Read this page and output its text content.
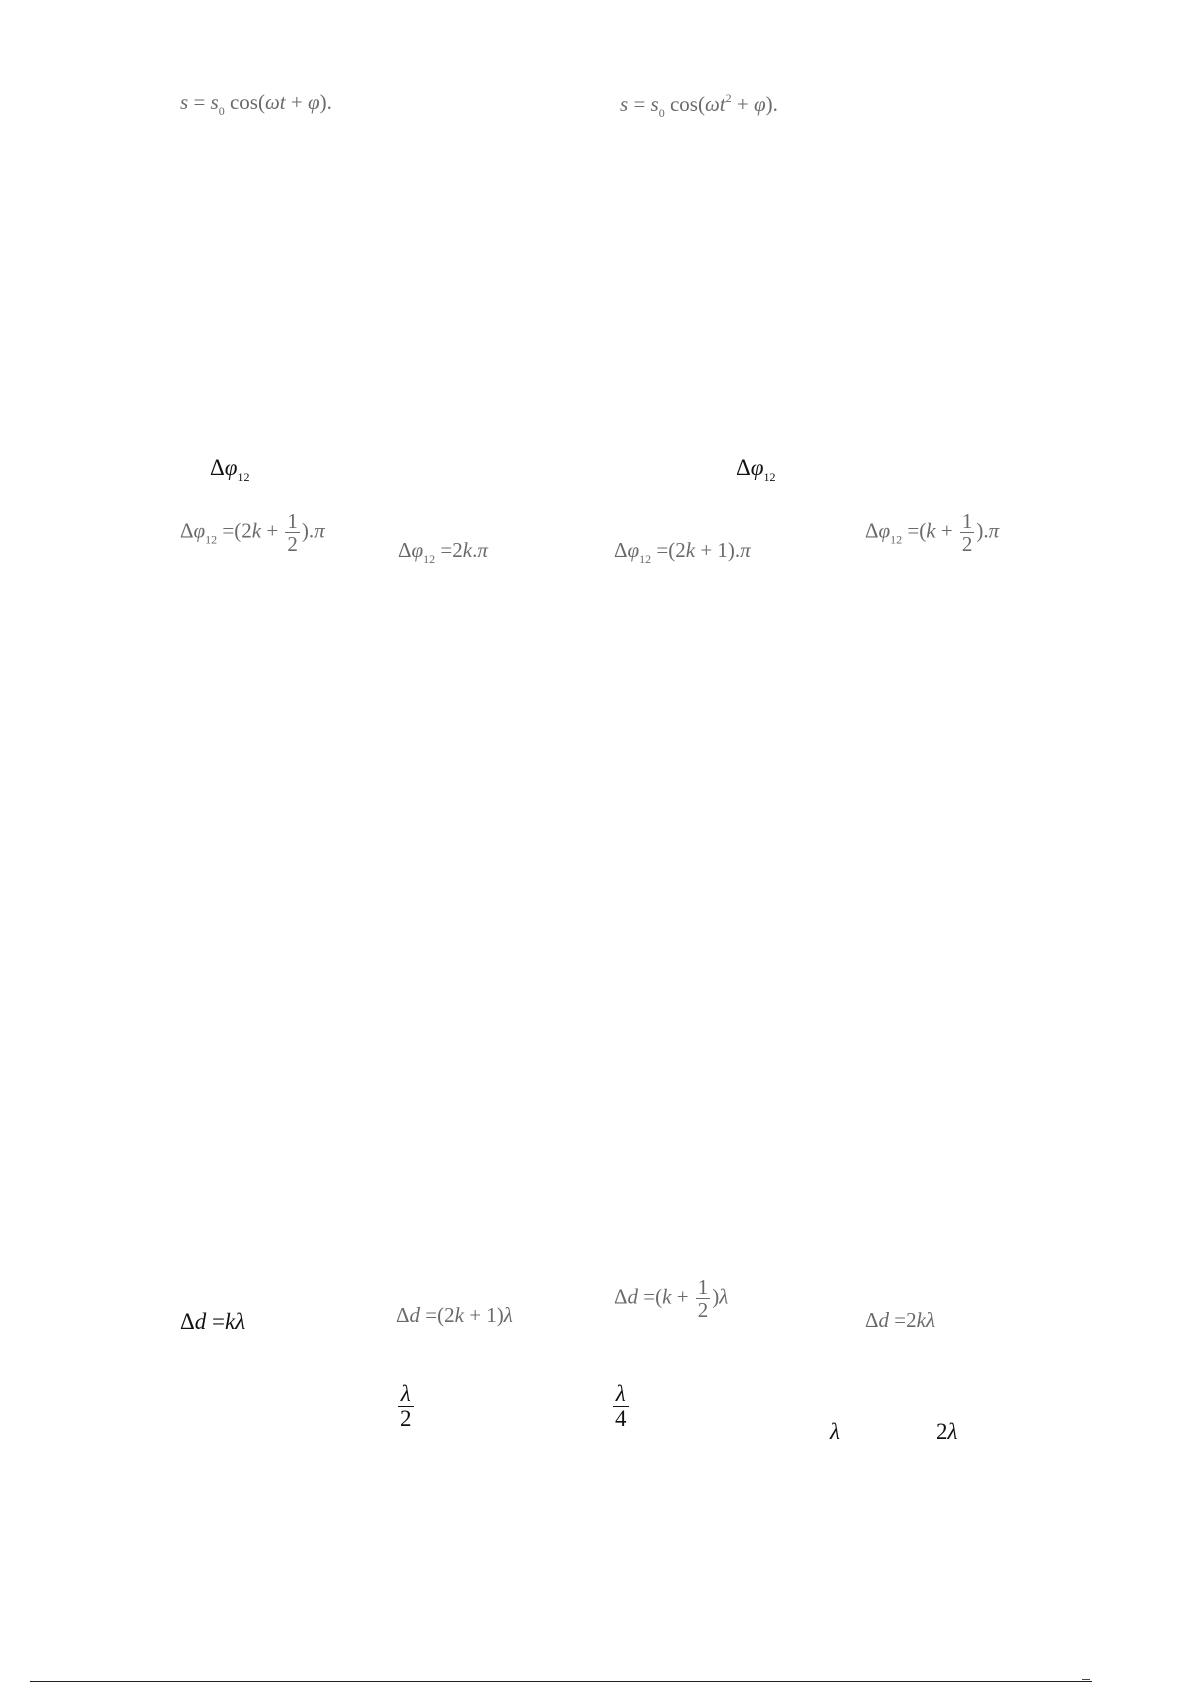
$s = s_0$ cos(ωt + φ).	$s = s_0$ $\cos(\omega t^2 + \varphi)$.
$\Delta\varphi_{12}$	$\Delta\varphi_{12}$
$\Delta\varphi_{12} =(2k + \frac{1}{2} ).\pi$
$\Delta\varphi_{12} =2k.\pi$	$\Delta\varphi_{12} =(2k + 1).\pi$
$\Delta\varphi_{12} =(k + \frac{1}{2} ).\pi$
Δd =kλ	Δd =(2k + 1)λ
$\Delta d =(k + \frac{1}{2} )\lambda$
Δd =2kλ
$\frac{\lambda}{2}$	$\frac{\lambda}{4}$
λ	2λ
